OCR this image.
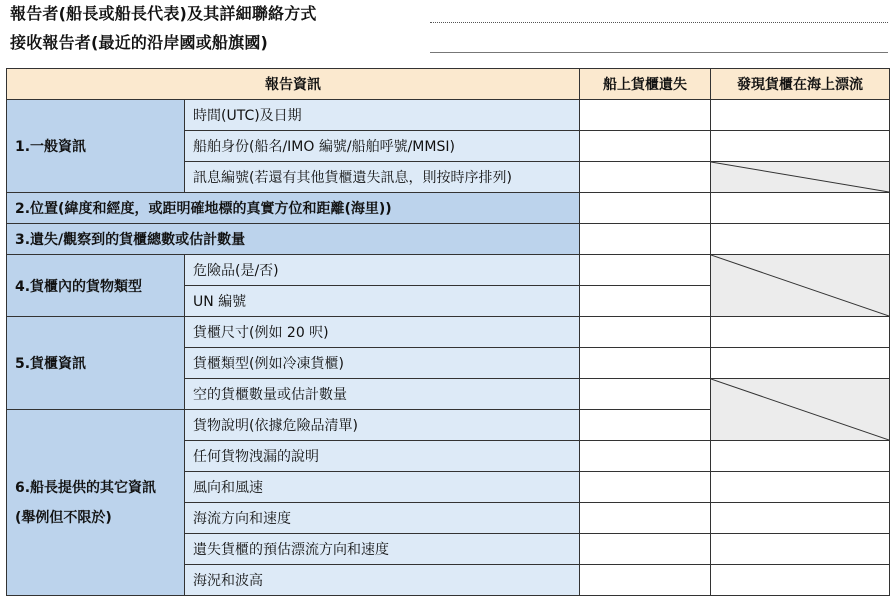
報告者(船長或船長代表)及其詳細聯絡方式
接收報告者(最近的沿岸國或船旗國)
報告資訊		船上貨櫃遺失	發現貨櫃在海上漂流
1.一般資訊	時間(UTC)及日期		
	船舶身份(船名/IMO 編號/船舶呼號/MMSI)		
	訊息編號(若還有其他貨櫃遺失訊息，則按時序排列)		

2.位置(緯度和經度，或距明確地標的真實方位和距離(海里))			
3.遺失/觀察到的貨櫃總數或估計數量			
4.貨櫃內的貨物類型	危險品(是/否)		

	UN 編號		
5.貨櫃資訊	貨櫃尺寸(例如 20 呎)		
	貨櫃類型(例如冷凍貨櫃)		
	空的貨櫃數量或估計數量		

6.船長提供的其它資訊(舉例但不限於)	貨物說明(依據危險品清單)		
	任何貨物洩漏的說明		
	風向和風速		
	海流方向和速度		
	遺失貨櫃的預估漂流方向和速度		
	海況和波高		
